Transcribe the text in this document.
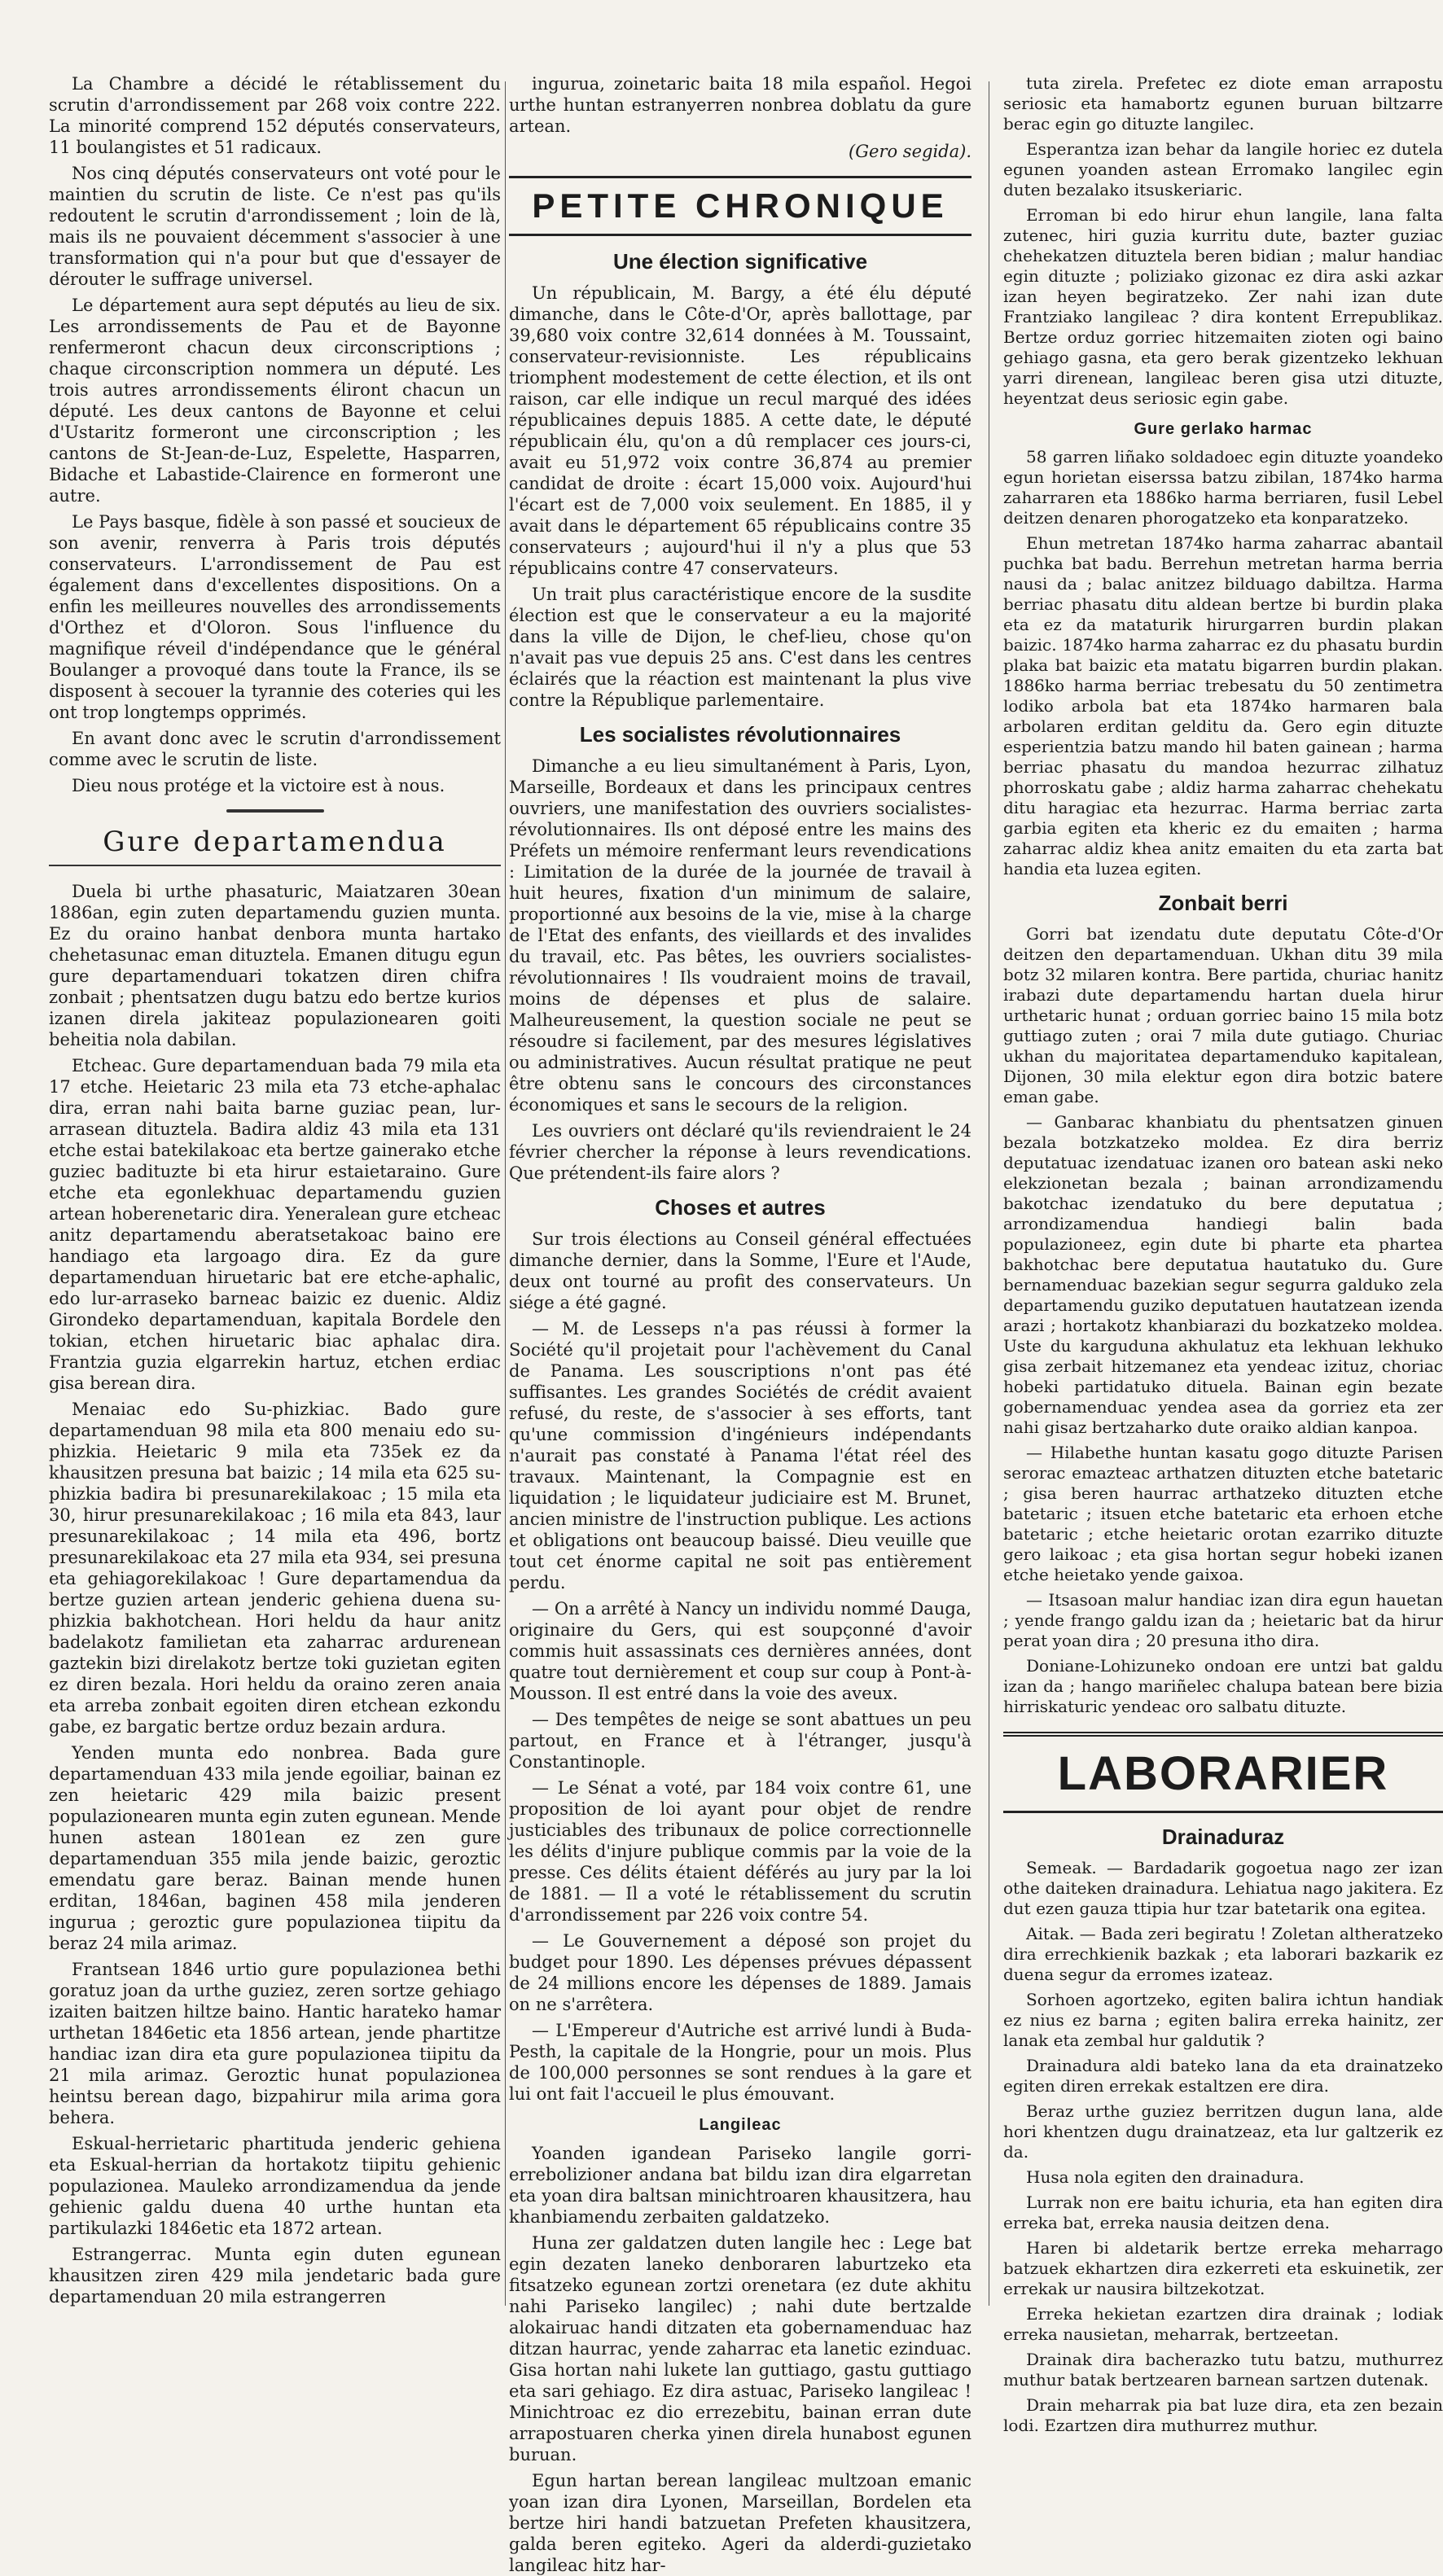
La Chambre a décidé le rétablissement du scrutin d'arrondissement par 268 voix contre 222. La minorité comprend 152 députés conservateurs, 11 boulangistes et 51 radicaux.

Nos cinq députés conservateurs ont voté pour le maintien du scrutin de liste. Ce n'est pas qu'ils redoutent le scrutin d'arrondissement ; loin de là, mais ils ne pouvaient décemment s'associer à une transformation qui n'a pour but que d'essayer de dérouter le suffrage universel.

Le département aura sept députés au lieu de six. Les arrondissements de Pau et de Bayonne renfermeront chacun deux circonscriptions ; chaque circonscription nommera un député. Les trois autres arrondissements éliront chacun un député. Les deux cantons de Bayonne et celui d'Ustaritz formeront une circonscription ; les cantons de St-Jean-de-Luz, Espelette, Hasparren, Bidache et Labastide-Clairence en formeront une autre.

Le Pays basque, fidèle à son passé et soucieux de son avenir, renverra à Paris trois députés conservateurs. L'arrondissement de Pau est également dans d'excellentes dispositions. On a enfin les meilleures nouvelles des arrondissements d'Orthez et d'Oloron. Sous l'influence du magnifique réveil d'indépendance que le général Boulanger a provoqué dans toute la France, ils se disposent à secouer la tyrannie des coteries qui les ont trop longtemps opprimés.

En avant donc avec le scrutin d'arrondissement comme avec le scrutin de liste.

Dieu nous protége et la victoire est à nous.

Gure departamendua

Duela bi urthe phasaturic, Maiatzaren 30ean 1886an, egin zuten departamendu guzien munta. Ez du oraino hanbat denbora munta hartako chehetasunac eman dituztela. Emanen ditugu egun gure departamenduari tokatzen diren chifra zonbait ; phentsatzen dugu batzu edo bertze kurios izanen direla jakiteaz populazionearen goiti beheitia nola dabilan.

Etcheac. Gure departamenduan bada 79 mila eta 17 etche. Heietaric 23 mila eta 73 etche-aphalac dira, erran nahi baita barne guziac pean, lur-arrasean dituztela. Badira aldiz 43 mila eta 131 etche estai batekilakoac eta bertze gainerako etche guziec badituzte bi eta hirur estaietaraino. Gure etche eta egonlekhuac departamendu guzien artean hoberenetaric dira. Yeneralean gure etcheac anitz departamendu aberatsetakoac baino ere handiago eta largoago dira. Ez da gure departamenduan hiruetaric bat ere etche-aphalic, edo lur-arraseko barneac baizic ez duenic. Aldiz Girondeko departamenduan, kapitala Bordele den tokian, etchen hiruetaric biac aphalac dira. Frantzia guzia elgarrekin hartuz, etchen erdiac gisa berean dira.

Menaiac edo Su-phizkiac. Bado gure departamenduan 98 mila eta 800 menaiu edo su-phizkia. Heietaric 9 mila eta 735ek ez da khausitzen presuna bat baizic ; 14 mila eta 625 su-phizkia badira bi presunarekilakoac ; 15 mila eta 30, hirur presunarekilakoac ; 16 mila eta 843, laur presunarekilakoac ; 14 mila eta 496, bortz presunarekilakoac eta 27 mila eta 934, sei presuna eta gehiagorekilakoac ! Gure departamendua da bertze guzien artean jenderic gehiena duena su-phizkia bakhotchean. Hori heldu da haur anitz badelakotz familietan eta zaharrac ardurenean gaztekin bizi direlakotz bertze toki guzietan egiten ez diren bezala. Hori heldu da oraino zeren anaia eta arreba zonbait egoiten diren etchean ezkondu gabe, ez bargatic bertze orduz bezain ardura.

Yenden munta edo nonbrea. Bada gure departamenduan 433 mila jende egoiliar, bainan ez zen heietaric 429 mila baizic present populazionearen munta egin zuten egunean. Mende hunen astean 1801ean ez zen gure departamenduan 355 mila jende baizic, geroztic emendatu gare beraz. Bainan mende hunen erditan, 1846an, baginen 458 mila jenderen ingurua ; geroztic gure populazionea tiipitu da beraz 24 mila arimaz.

Frantsean 1846 urtio gure populazionea bethi goratuz joan da urthe guziez, zeren sortze gehiago izaiten baitzen hiltze baino. Hantic harateko hamar urthetan 1846etic eta 1856 artean, jende phartitze handiac izan dira eta gure populazionea tiipitu da 21 mila arimaz. Geroztic hunat populazionea heintsu berean dago, bizpahirur mila arima gora behera.

Eskual-herrietaric phartituda jenderic gehiena eta Eskual-herrian da hortakotz tiipitu gehienic populazionea. Mauleko arrondizamendua da jende gehienic galdu duena 40 urthe huntan eta partikulazki 1846etic eta 1872 artean.

Estrangerrac. Munta egin duten egunean khausitzen ziren 429 mila jendetaric bada gure departamenduan 20 mila estrangerren

ingurua, zoinetaric baita 18 mila español. Hegoi urthe huntan estranyerren nonbrea doblatu da gure artean.

(Gero segida).
PETITE CHRONIQUE
Une élection significative

Un républicain, M. Bargy, a été élu député dimanche, dans le Côte-d'Or, après ballottage, par 39,680 voix contre 32,614 données à M. Toussaint, conservateur-revisionniste. Les républicains triomphent modestement de cette élection, et ils ont raison, car elle indique un recul marqué des idées républicaines depuis 1885. A cette date, le député républicain élu, qu'on a dû remplacer ces jours-ci, avait eu 51,972 voix contre 36,874 au premier candidat de droite : écart 15,000 voix. Aujourd'hui l'écart est de 7,000 voix seulement. En 1885, il y avait dans le département 65 républicains contre 35 conservateurs ; aujourd'hui il n'y a plus que 53 républicains contre 47 conservateurs.

Un trait plus caractéristique encore de la susdite élection est que le conservateur a eu la majorité dans la ville de Dijon, le chef-lieu, chose qu'on n'avait pas vue depuis 25 ans. C'est dans les centres éclairés que la réaction est maintenant la plus vive contre la République parlementaire.

Les socialistes révolutionnaires

Dimanche a eu lieu simultanément à Paris, Lyon, Marseille, Bordeaux et dans les principaux centres ouvriers, une manifestation des ouvriers socialistes-révolutionnaires. Ils ont déposé entre les mains des Préfets un mémoire renfermant leurs revendications : Limitation de la durée de la journée de travail à huit heures, fixation d'un minimum de salaire, proportionné aux besoins de la vie, mise à la charge de l'Etat des enfants, des vieillards et des invalides du travail, etc. Pas bêtes, les ouvriers socialistes-révolutionnaires ! Ils voudraient moins de travail, moins de dépenses et plus de salaire. Malheureusement, la question sociale ne peut se résoudre si facilement, par des mesures législatives ou administratives. Aucun résultat pratique ne peut être obtenu sans le concours des circonstances économiques et sans le secours de la religion.

Les ouvriers ont déclaré qu'ils reviendraient le 24 février chercher la réponse à leurs revendications. Que prétendent-ils faire alors ?

Choses et autres

Sur trois élections au Conseil général effectuées dimanche dernier, dans la Somme, l'Eure et l'Aude, deux ont tourné au profit des conservateurs. Un siége a été gagné.

— M. de Lesseps n'a pas réussi à former la Société qu'il projetait pour l'achèvement du Canal de Panama. Les souscriptions n'ont pas été suffisantes. Les grandes Sociétés de crédit avaient refusé, du reste, de s'associer à ses efforts, tant qu'une commission d'ingénieurs indépendants n'aurait pas constaté à Panama l'état réel des travaux. Maintenant, la Compagnie est en liquidation ; le liquidateur judiciaire est M. Brunet, ancien ministre de l'instruction publique. Les actions et obligations ont beaucoup baissé. Dieu veuille que tout cet énorme capital ne soit pas entièrement perdu.

— On a arrêté à Nancy un individu nommé Dauga, originaire du Gers, qui est soupçonné d'avoir commis huit assassinats ces dernières années, dont quatre tout dernièrement et coup sur coup à Pont-à-Mousson. Il est entré dans la voie des aveux.

— Des tempêtes de neige se sont abattues un peu partout, en France et à l'étranger, jusqu'à Constantinople.

— Le Sénat a voté, par 184 voix contre 61, une proposition de loi ayant pour objet de rendre justiciables des tribunaux de police correctionnelle les délits d'injure publique commis par la voie de la presse. Ces délits étaient déférés au jury par la loi de 1881. — Il a voté le rétablissement du scrutin d'arrondissement par 226 voix contre 54.

— Le Gouvernement a déposé son projet du budget pour 1890. Les dépenses prévues dépassent de 24 millions encore les dépenses de 1889. Jamais on ne s'arrêtera.

— L'Empereur d'Autriche est arrivé lundi à Buda-Pesth, la capitale de la Hongrie, pour un mois. Plus de 100,000 personnes se sont rendues à la gare et lui ont fait l'accueil le plus émouvant.

Langileac

Yoanden igandean Pariseko langile gorri-errebolizioner andana bat bildu izan dira elgarretan eta yoan dira baltsan minichtroaren khausitzera, hau khanbiamendu zerbaiten galdatzeko.

Huna zer galdatzen duten langile hec : Lege bat egin dezaten laneko denboraren laburtzeko eta fitsatzeko egunean zortzi orenetara (ez dute akhitu nahi Pariseko langilec) ; nahi dute bertzalde alokairuac handi ditzaten eta gobernamenduac haz ditzan haurrac, yende zaharrac eta lanetic ezinduac. Gisa hortan nahi lukete lan guttiago, gastu guttiago eta sari gehiago. Ez dira astuac, Pariseko langileac ! Minichtroac ez dio errezebitu, bainan erran dute arrapostuaren cherka yinen direla hunabost egunen buruan.

Egun hartan berean langileac multzoan emanic yoan izan dira Lyonen, Marseillan, Bordelen eta bertze hiri handi batzuetan Prefeten khausitzera, galda beren egiteko. Ageri da alderdi-guzietako langileac hitz har-

tuta zirela. Prefetec ez diote eman arrapostu seriosic eta hamabortz egunen buruan biltzarre berac egin go dituzte langilec.

Esperantza izan behar da langile horiec ez dutela egunen yoanden astean Erromako langilec egin duten bezalako itsuskeriaric.

Erroman bi edo hirur ehun langile, lana falta zutenec, hiri guzia kurritu dute, bazter guziac chehekatzen dituztela beren bidian ; malur handiac egin dituzte ; poliziako gizonac ez dira aski azkar izan heyen begiratzeko. Zer nahi izan dute Frantziako langileac ? dira kontent Errepublikaz. Bertze orduz gorriec hitzemaiten zioten ogi baino gehiago gasna, eta gero berak gizentzeko lekhuan yarri direnean, langileac beren gisa utzi dituzte, heyentzat deus seriosic egin gabe.

Gure gerlako harmac

58 garren liñako soldadoec egin dituzte yoandeko egun horietan eiserssa batzu zibilan, 1874ko harma zaharraren eta 1886ko harma berriaren, fusil Lebel deitzen denaren phorogatzeko eta konparatzeko.

Ehun metretan 1874ko harma zaharrac abantail puchka bat badu. Berrehun metretan harma berria nausi da ; balac anitzez bilduago dabiltza. Harma berriac phasatu ditu aldean bertze bi burdin plaka eta ez da mataturik hirurgarren burdin plakan baizic. 1874ko harma zaharrac ez du phasatu burdin plaka bat baizic eta matatu bigarren burdin plakan. 1886ko harma berriac trebesatu du 50 zentimetra lodiko arbola bat eta 1874ko harmaren bala arbolaren erditan gelditu da. Gero egin dituzte esperientzia batzu mando hil baten gainean ; harma berriac phasatu du mandoa hezurrac zilhatuz phorroskatu gabe ; aldiz harma zaharrac chehekatu ditu haragiac eta hezurrac. Harma berriac zarta garbia egiten eta kheric ez du emaiten ; harma zaharrac aldiz khea anitz emaiten du eta zarta bat handia eta luzea egiten.

Zonbait berri

Gorri bat izendatu dute deputatu Côte-d'Or deitzen den departamenduan. Ukhan ditu 39 mila botz 32 milaren kontra. Bere partida, churiac hanitz irabazi dute departamendu hartan duela hirur urthetaric hunat ; orduan gorriec baino 15 mila botz guttiago zuten ; orai 7 mila dute gutiago. Churiac ukhan du majoritatea departamenduko kapitalean, Dijonen, 30 mila elektur egon dira botzic batere eman gabe.

— Ganbarac khanbiatu du phentsatzen ginuen bezala botzkatzeko moldea. Ez dira berriz deputatuac izendatuac izanen oro batean aski neko elekzionetan bezala ; bainan arrondizamendu bakotchac izendatuko du bere deputatua ; arrondizamendua handiegi balin bada populazioneez, egin dute bi pharte eta phartea bakhotchac bere deputatua hautatuko du. Gure bernamenduac bazekian segur segurra galduko zela departamendu guziko deputatuen hautatzean izenda arazi ; hortakotz khanbiarazi du bozkatzeko moldea. Uste du karguduna akhulatuz eta lekhuan lekhuko gisa zerbait hitzemanez eta yendeac izituz, choriac hobeki partidatuko dituela. Bainan egin bezate gobernamenduac yendea asea da gorriez eta zer nahi gisaz bertzaharko dute oraiko aldian kanpoa.

— Hilabethe huntan kasatu gogo dituzte Parisen serorac emazteac arthatzen dituzten etche batetaric ; gisa beren haurrac arthatzeko dituzten etche batetaric ; itsuen etche batetaric eta erhoen etche batetaric ; etche heietaric orotan ezarriko dituzte gero laikoac ; eta gisa hortan segur hobeki izanen etche heietako yende gaixoa.

— Itsasoan malur handiac izan dira egun hauetan ; yende frango galdu izan da ; heietaric bat da hirur perat yoan dira ; 20 presuna itho dira.

Doniane-Lohizuneko ondoan ere untzi bat galdu izan da ; hango mariñelec chalupa batean bere bizia hirriskaturic yendeac oro salbatu dituzte.

LABORARIER
Drainaduraz

Semeak. — Bardadarik gogoetua nago zer izan othe daiteken drainadura. Lehiatua nago jakitera. Ez dut ezen gauza ttipia hur tzar batetarik ona egitea.

Aitak. — Bada zeri begiratu ! Zoletan altheratzeko dira errechkienik bazkak ; eta laborari bazkarik ez duena segur da erromes izateaz.

Sorhoen agortzeko, egiten balira ichtun handiak ez nius ez barna ; egiten balira erreka hainitz, zer lanak eta zembal hur galdutik ?

Drainadura aldi bateko lana da eta drainatzeko egiten diren errekak estaltzen ere dira.

Beraz urthe guziez berritzen dugun lana, alde hori khentzen dugu drainatzeaz, eta lur galtzerik ez da.

Husa nola egiten den drainadura.

Lurrak non ere baitu ichuria, eta han egiten dira erreka bat, erreka nausia deitzen dena.

Haren bi aldetarik bertze erreka meharrago batzuek ekhartzen dira ezkerreti eta eskuinetik, zer errekak ur nausira biltzekotzat.

Erreka hekietan ezartzen dira drainak ; lodiak erreka nausietan, meharrak, bertzeetan.

Drainak dira bacherazko tutu batzu, muthurrez muthur batak bertzearen barnean sartzen dutenak.

Drain meharrak pia bat luze dira, eta zen bezain lodi. Ezartzen dira muthurrez muthur.
